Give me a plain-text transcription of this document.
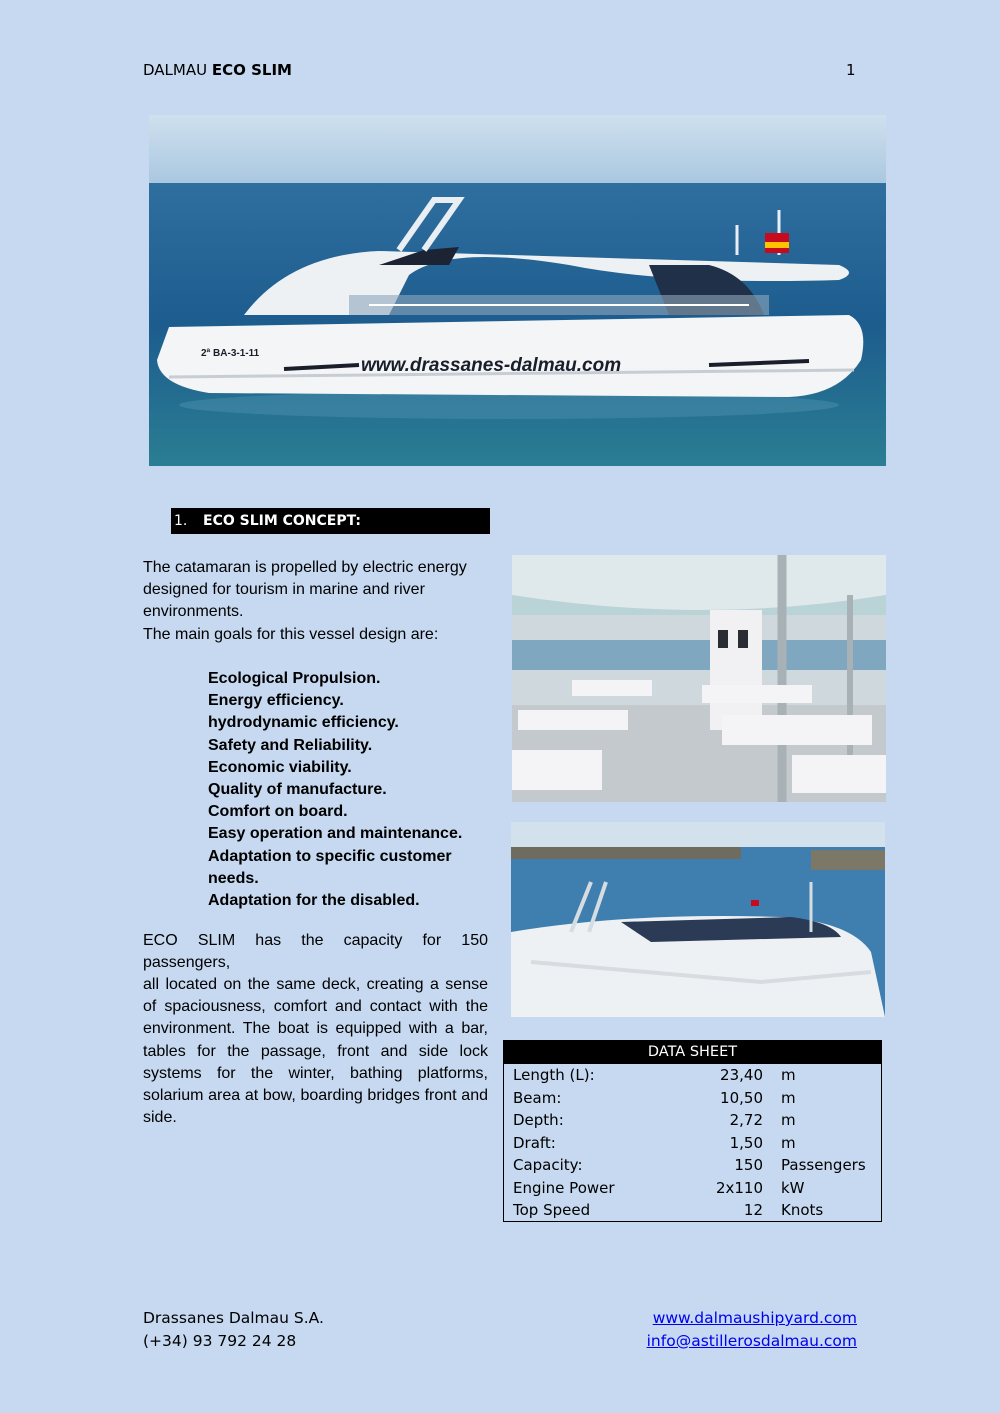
DALMAU ECO SLIM	1
2ª BA-3-1-11
www.drassanes-dalmau.com
1. ECO SLIM CONCEPT:
The catamaran is propelled by electric energy
designed for tourism in marine and river
environments.
The main goals for this vessel design are:
Ecological Propulsion.
Energy efficiency.
hydrodynamic efficiency.
Safety and Reliability.
Economic viability.
Quality of manufacture.
Comfort on board.
Easy operation and maintenance.
Adaptation to specific customer needs.
Adaptation for the disabled.
ECO SLIM has the capacity for 150
passengers,
all located on the same deck, creating a sense of spaciousness, comfort and contact with the environment. The boat is equipped with a bar, tables for the passage, front and side lock systems for the winter, bathing platforms, solarium area at bow, boarding bridges front and side.
DATA SHEET
Length (L):	23,40 m
Beam:	10,50 m
Depth:	2,72 m
Draft:	1,50 m
Capacity:	150 Passengers
Engine Power	2x110 kW
Top Speed	12 Knots
Drassanes Dalmau S.A.
(+34) 93 792 24 28
www.dalmaushipyard.com
info@astillerosdalmau.com
